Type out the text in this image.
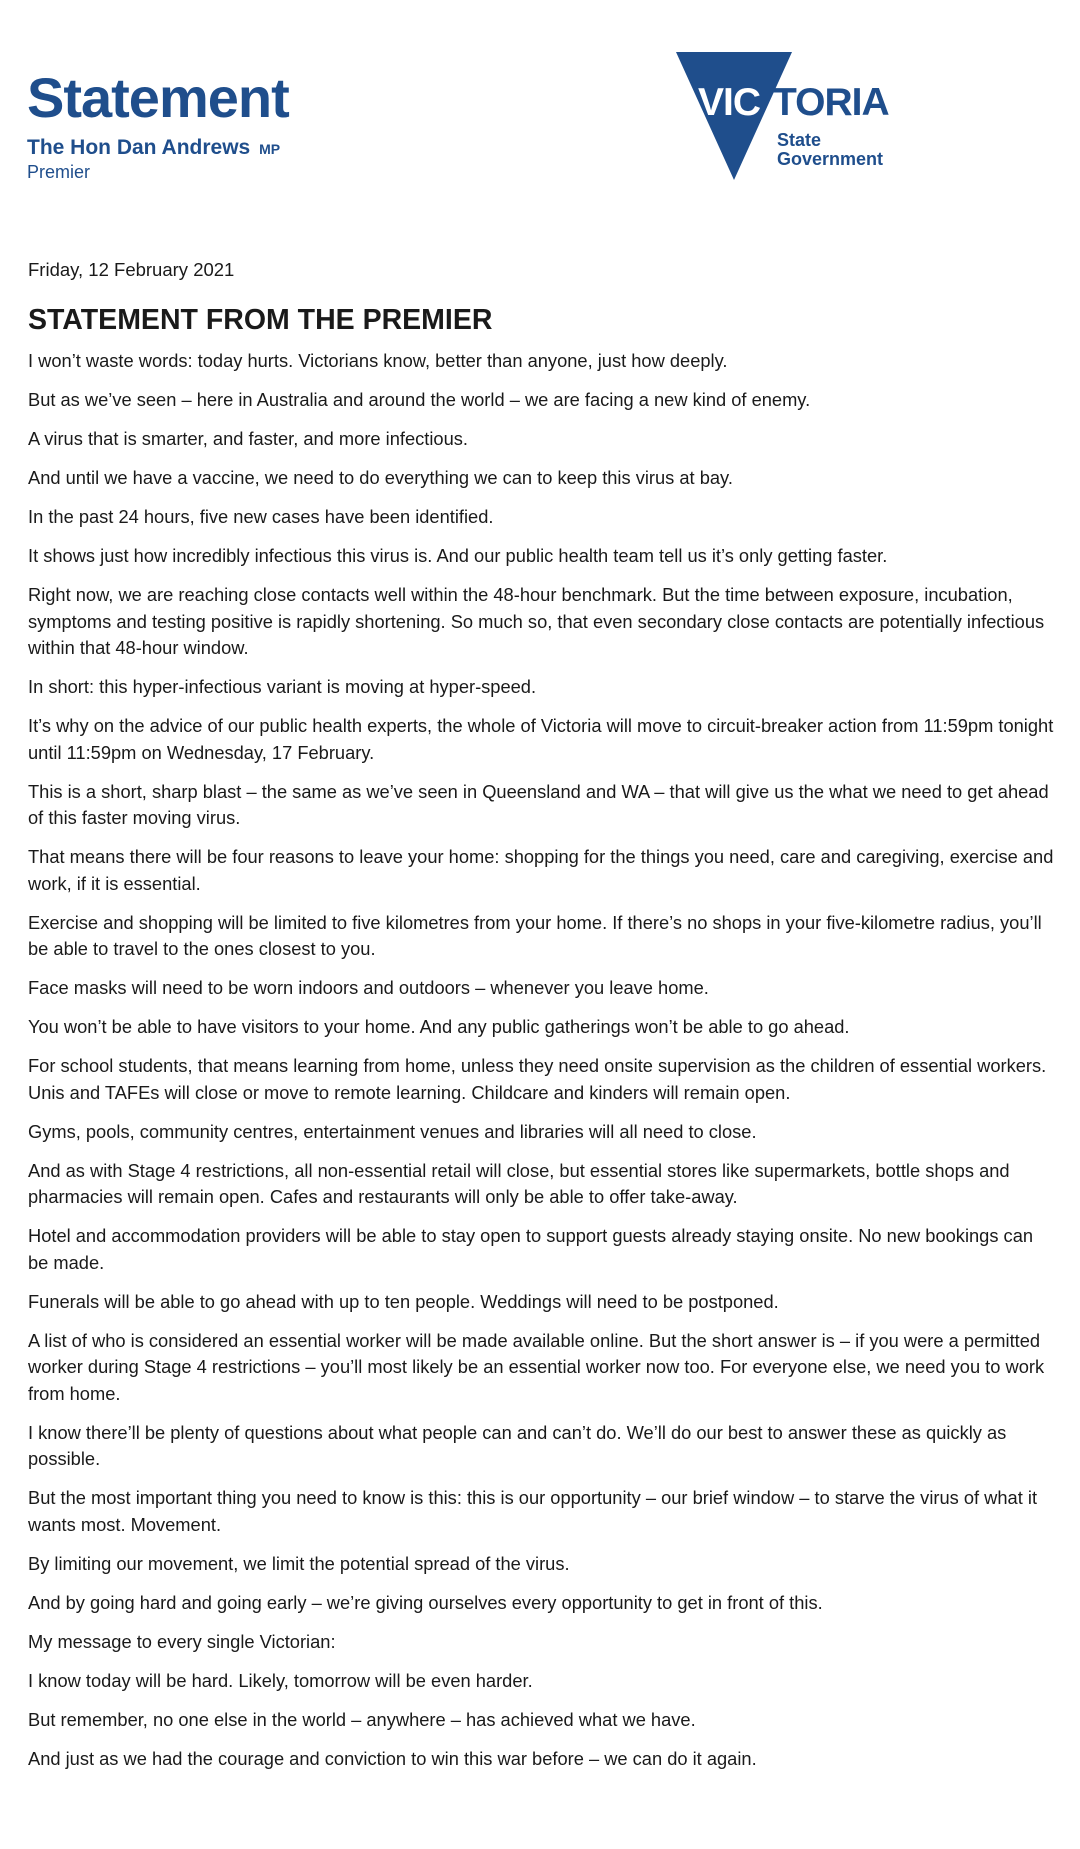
Statement
The Hon Dan Andrews MP
Premier
VIC TORIA
State
Government
Friday, 12 February 2021
STATEMENT FROM THE PREMIER

I won’t waste words: today hurts. Victorians know, better than anyone, just how deeply.

But as we’ve seen – here in Australia and around the world – we are facing a new kind of enemy.

A virus that is smarter, and faster, and more infectious.

And until we have a vaccine, we need to do everything we can to keep this virus at bay.

In the past 24 hours, five new cases have been identified.

It shows just how incredibly infectious this virus is. And our public health team tell us it’s only getting faster.

Right now, we are reaching close contacts well within the 48-hour benchmark. But the time between exposure, incubation, symptoms and testing positive is rapidly shortening. So much so, that even secondary close contacts are potentially infectious within that 48-hour window.

In short: this hyper-infectious variant is moving at hyper-speed.

It’s why on the advice of our public health experts, the whole of Victoria will move to circuit-breaker action from 11:59pm tonight until 11:59pm on Wednesday, 17 February.

This is a short, sharp blast – the same as we’ve seen in Queensland and WA – that will give us the what we need to get ahead of this faster moving virus.

That means there will be four reasons to leave your home: shopping for the things you need, care and caregiving, exercise and work, if it is essential.

Exercise and shopping will be limited to five kilometres from your home. If there’s no shops in your five-kilometre radius, you’ll be able to travel to the ones closest to you.

Face masks will need to be worn indoors and outdoors – whenever you leave home.

You won’t be able to have visitors to your home. And any public gatherings won’t be able to go ahead.

For school students, that means learning from home, unless they need onsite supervision as the children of essential workers. Unis and TAFEs will close or move to remote learning. Childcare and kinders will remain open.

Gyms, pools, community centres, entertainment venues and libraries will all need to close.

And as with Stage 4 restrictions, all non-essential retail will close, but essential stores like supermarkets, bottle shops and pharmacies will remain open. Cafes and restaurants will only be able to offer take-away.

Hotel and accommodation providers will be able to stay open to support guests already staying onsite. No new bookings can be made.

Funerals will be able to go ahead with up to ten people. Weddings will need to be postponed.

A list of who is considered an essential worker will be made available online. But the short answer is – if you were a permitted worker during Stage 4 restrictions – you’ll most likely be an essential worker now too. For everyone else, we need you to work from home.

I know there’ll be plenty of questions about what people can and can’t do. We’ll do our best to answer these as quickly as possible.

But the most important thing you need to know is this: this is our opportunity – our brief window – to starve the virus of what it wants most. Movement.

By limiting our movement, we limit the potential spread of the virus.

And by going hard and going early – we’re giving ourselves every opportunity to get in front of this.

My message to every single Victorian:

I know today will be hard. Likely, tomorrow will be even harder.

But remember, no one else in the world – anywhere – has achieved what we have.

And just as we had the courage and conviction to win this war before – we can do it again.
